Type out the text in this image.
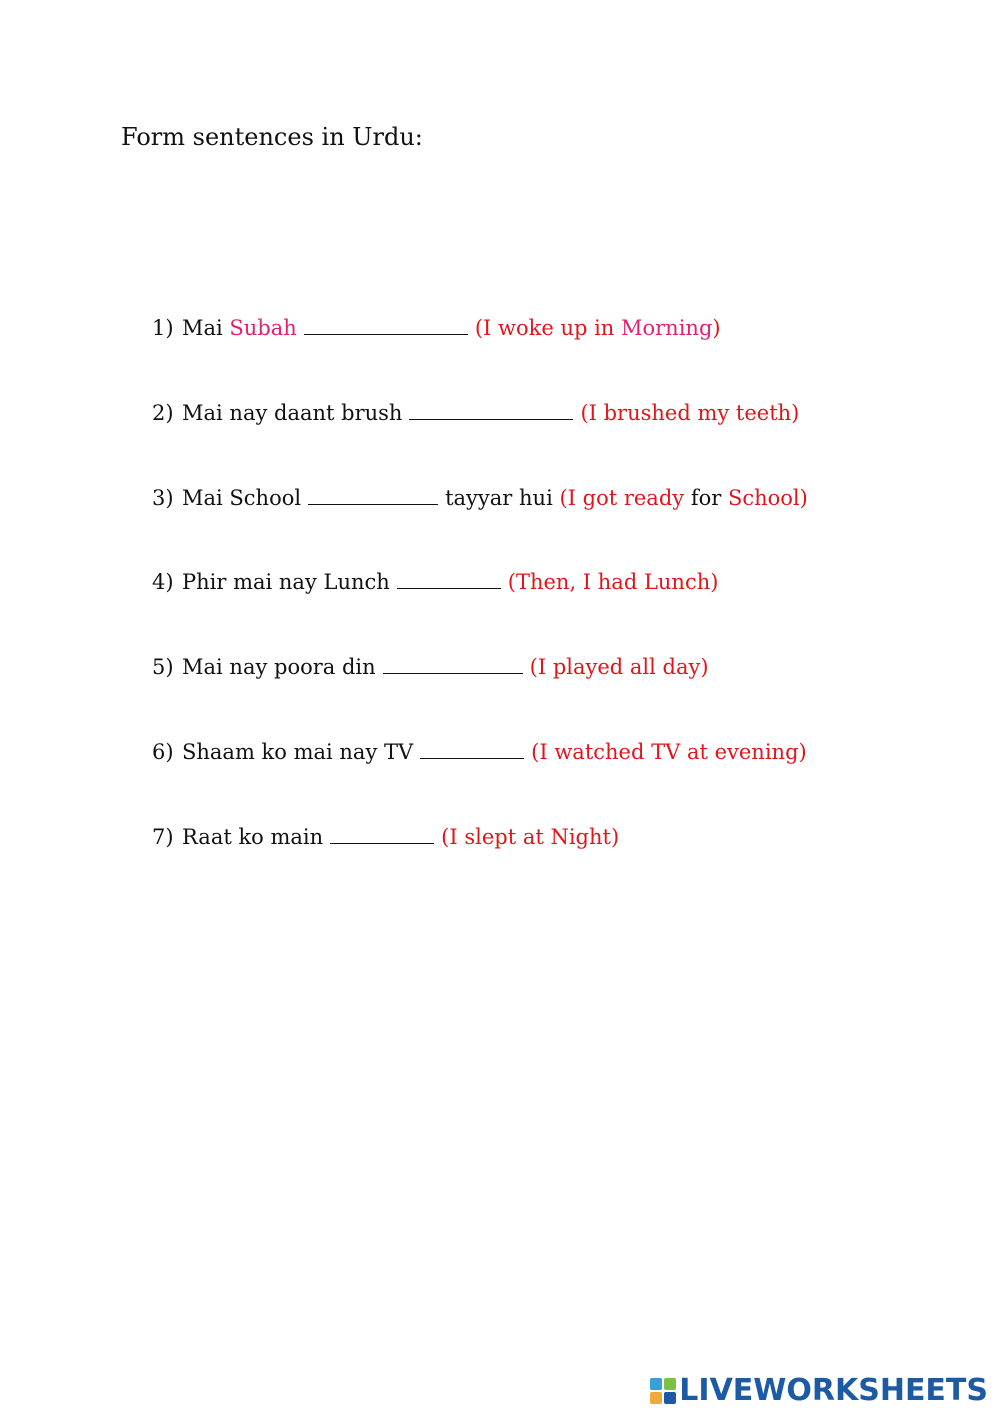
Form sentences in Urdu:
1) Mai Subah	(I woke up in Morning )
2) Mai nay daant brush	(I brushed my teeth)
3) Mai School	tayyar hui (I got ready for School)
4) Phir mai nay Lunch	(Then, I had Lunch)
5) Mai nay poora din	(I played all day)
6) Shaam ko mai nay TV	(I watched TV at evening)
7) Raat ko main	(I slept at Night)
LIVEWORKSHEETS
